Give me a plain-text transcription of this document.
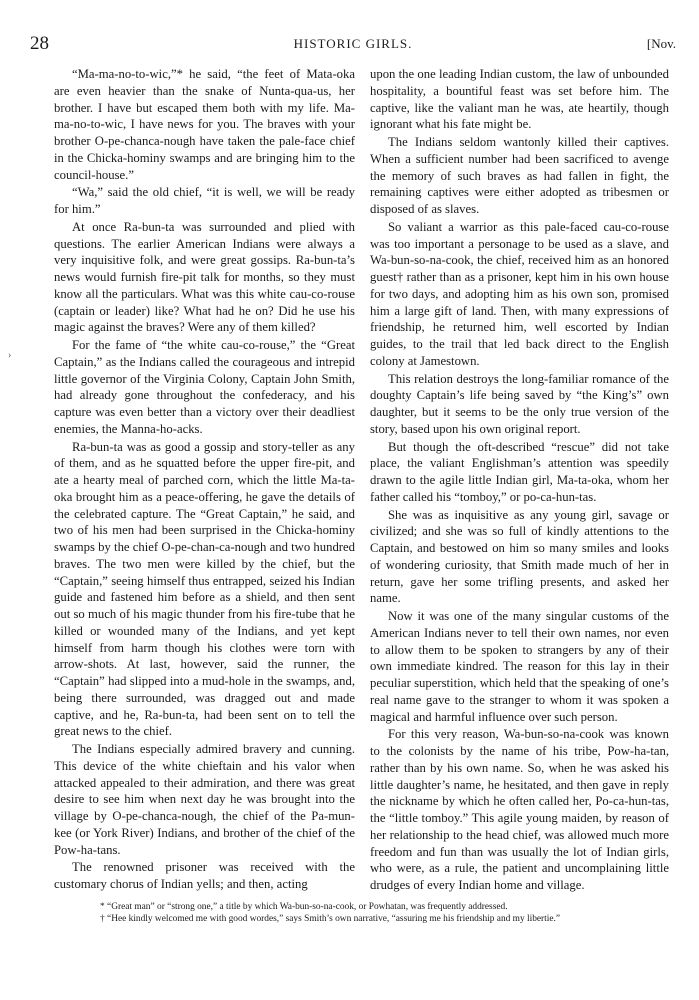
28	HISTORIC GIRLS.	[Nov.
›

“Ma-ma-no-to-wic,”* he said, “the feet of Mata-oka are even heavier than the snake of Nunta-qua-us, her brother. I have but escaped them both with my life. Ma-ma-no-to-wic, I have news for you. The braves with your brother O-pe-chanca-nough have taken the pale-face chief in the Chicka-hominy swamps and are bringing him to the council-house.”

“Wa,” said the old chief, “it is well, we will be ready for him.”

At once Ra-bun-ta was surrounded and plied with questions. The earlier American Indians were always a very inquisitive folk, and were great gossips. Ra-bun-ta’s news would furnish fire-pit talk for months, so they must know all the particulars. What was this white cau-co-rouse (captain or leader) like? What had he on? Did he use his magic against the braves? Were any of them killed?

For the fame of “the white cau-co-rouse,” the “Great Captain,” as the Indians called the courageous and intrepid little governor of the Virginia Colony, Captain John Smith, had already gone throughout the confederacy, and his capture was even better than a victory over their deadliest enemies, the Manna-ho-acks.

Ra-bun-ta was as good a gossip and story-teller as any of them, and as he squatted before the upper fire-pit, and ate a hearty meal of parched corn, which the little Ma-ta-oka brought him as a peace-offering, he gave the details of the celebrated capture. The “Great Captain,” he said, and two of his men had been surprised in the Chicka-hominy swamps by the chief O-pe-chan-ca-nough and two hundred braves. The two men were killed by the chief, but the “Captain,” seeing himself thus entrapped, seized his Indian guide and fastened him before as a shield, and then sent out so much of his magic thunder from his fire-tube that he killed or wounded many of the Indians, and yet kept himself from harm though his clothes were torn with arrow-shots. At last, however, said the runner, the “Captain” had slipped into a mud-hole in the swamps, and, being there surrounded, was dragged out and made captive, and he, Ra-bun-ta, had been sent on to tell the great news to the chief.

The Indians especially admired bravery and cunning. This device of the white chieftain and his valor when attacked appealed to their admiration, and there was great desire to see him when next day he was brought into the village by O-pe-chanca-nough, the chief of the Pa-mun-kee (or York River) Indians, and brother of the chief of the Pow-ha-tans.

The renowned prisoner was received with the customary chorus of Indian yells; and then, acting

upon the one leading Indian custom, the law of unbounded hospitality, a bountiful feast was set before him. The captive, like the valiant man he was, ate heartily, though ignorant what his fate might be.

The Indians seldom wantonly killed their captives. When a sufficient number had been sacrificed to avenge the memory of such braves as had fallen in fight, the remaining captives were either adopted as tribesmen or disposed of as slaves.

So valiant a warrior as this pale-faced cau-co-rouse was too important a personage to be used as a slave, and Wa-bun-so-na-cook, the chief, received him as an honored guest† rather than as a prisoner, kept him in his own house for two days, and adopting him as his own son, promised him a large gift of land. Then, with many expressions of friendship, he returned him, well escorted by Indian guides, to the trail that led back direct to the English colony at Jamestown.

This relation destroys the long-familiar romance of the doughty Captain’s life being saved by “the King’s” own daughter, but it seems to be the only true version of the story, based upon his own original report.

But though the oft-described “rescue” did not take place, the valiant Englishman’s attention was speedily drawn to the agile little Indian girl, Ma-ta-oka, whom her father called his “tomboy,” or po-ca-hun-tas.

She was as inquisitive as any young girl, savage or civilized; and she was so full of kindly attentions to the Captain, and bestowed on him so many smiles and looks of wondering curiosity, that Smith made much of her in return, gave her some trifling presents, and asked her name.

Now it was one of the many singular customs of the American Indians never to tell their own names, nor even to allow them to be spoken to strangers by any of their own immediate kindred. The reason for this lay in their peculiar superstition, which held that the speaking of one’s real name gave to the stranger to whom it was spoken a magical and harmful influence over such person.

For this very reason, Wa-bun-so-na-cook was known to the colonists by the name of his tribe, Pow-ha-tan, rather than by his own name. So, when he was asked his little daughter’s name, he hesitated, and then gave in reply the nickname by which he often called her, Po-ca-hun-tas, the “little tomboy.” This agile young maiden, by reason of her relationship to the head chief, was allowed much more freedom and fun than was usually the lot of Indian girls, who were, as a rule, the patient and uncomplaining little drudges of every Indian home and village.

* “Great man” or “strong one,” a title by which Wa-bun-so-na-cook, or Powhatan, was frequently addressed.
† “Hee kindly welcomed me with good wordes,” says Smith’s own narrative, “assuring me his friendship and my libertie.”
